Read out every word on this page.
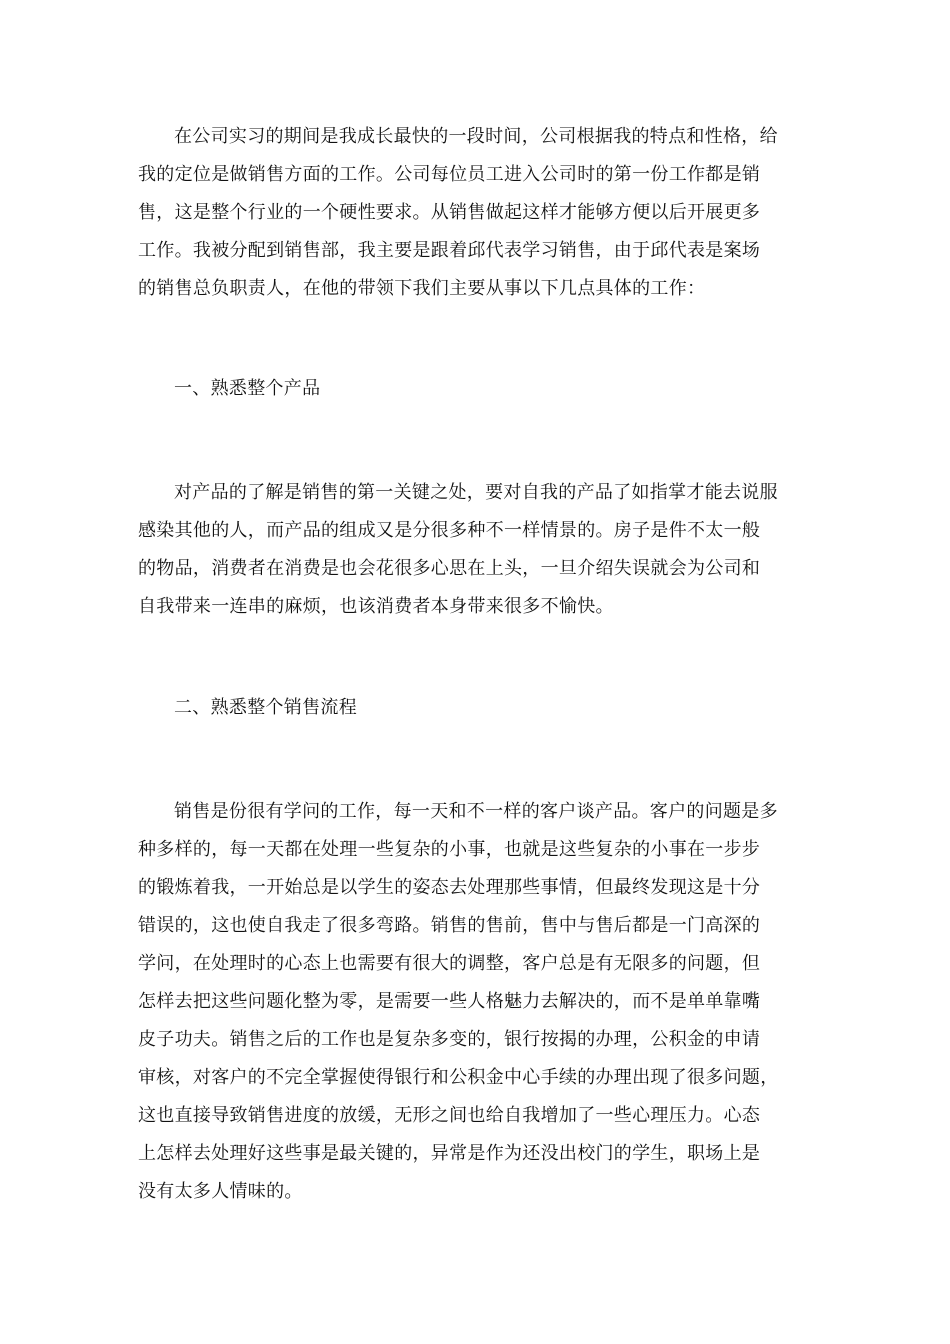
在公司实习的期间是我成长最快的一段时间，公司根据我的特点和性格，给
我的定位是做销售方面的工作。公司每位员工进入公司时的第一份工作都是销
售，这是整个行业的一个硬性要求。从销售做起这样才能够方便以后开展更多
工作。我被分配到销售部，我主要是跟着邱代表学习销售，由于邱代表是案场
的销售总负职责人，在他的带领下我们主要从事以下几点具体的工作：
一、熟悉整个产品
对产品的了解是销售的第一关键之处，要对自我的产品了如指掌才能去说服
感染其他的人，而产品的组成又是分很多种不一样情景的。房子是件不太一般
的物品，消费者在消费是也会花很多心思在上头，一旦介绍失误就会为公司和
自我带来一连串的麻烦，也该消费者本身带来很多不愉快。
二、熟悉整个销售流程
销售是份很有学问的工作，每一天和不一样的客户谈产品。客户的问题是多
种多样的，每一天都在处理一些复杂的小事，也就是这些复杂的小事在一步步
的锻炼着我，一开始总是以学生的姿态去处理那些事情，但最终发现这是十分
错误的，这也使自我走了很多弯路。销售的售前，售中与售后都是一门高深的
学问，在处理时的心态上也需要有很大的调整，客户总是有无限多的问题，但
怎样去把这些问题化整为零，是需要一些人格魅力去解决的，而不是单单靠嘴
皮子功夫。销售之后的工作也是复杂多变的，银行按揭的办理，公积金的申请
审核，对客户的不完全掌握使得银行和公积金中心手续的办理出现了很多问题，
这也直接导致销售进度的放缓，无形之间也给自我增加了一些心理压力。心态
上怎样去处理好这些事是最关键的，异常是作为还没出校门的学生，职场上是
没有太多人情味的。
